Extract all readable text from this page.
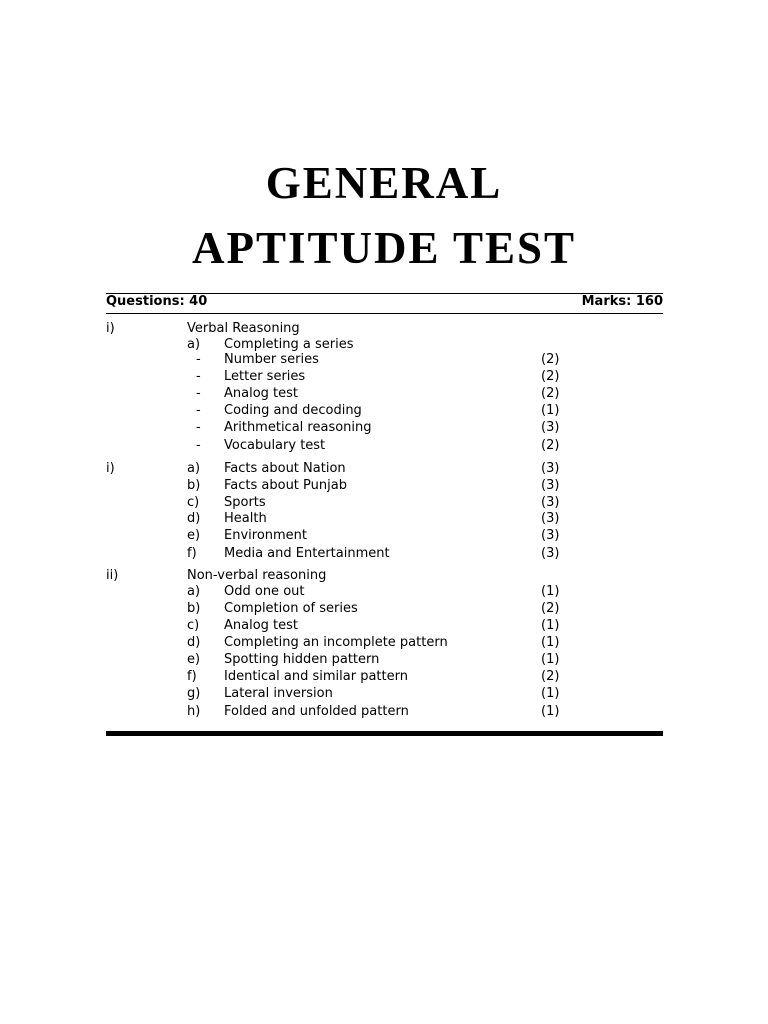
GENERAL
APTITUDE TEST
Questions: 40	Marks: 160
i)	Verbal Reasoning
a) Completing a series
- Number series	(2)
- Letter series	(2)
- Analog test	(2)
- Coding and decoding	(1)
- Arithmetical reasoning	(3)
- Vocabulary test	(2)
i)	a) Facts about Nation	(3)
b) Facts about Punjab	(3)
c) Sports	(3)
d) Health	(3)
e) Environment	(3)
f) Media and Entertainment	(3)
ii)	Non-verbal reasoning
a) Odd one out	(1)
b) Completion of series	(2)
c) Analog test	(1)
d) Completing an incomplete pattern	(1)
e) Spotting hidden pattern	(1)
f) Identical and similar pattern	(2)
g) Lateral inversion	(1)
h) Folded and unfolded pattern	(1)
